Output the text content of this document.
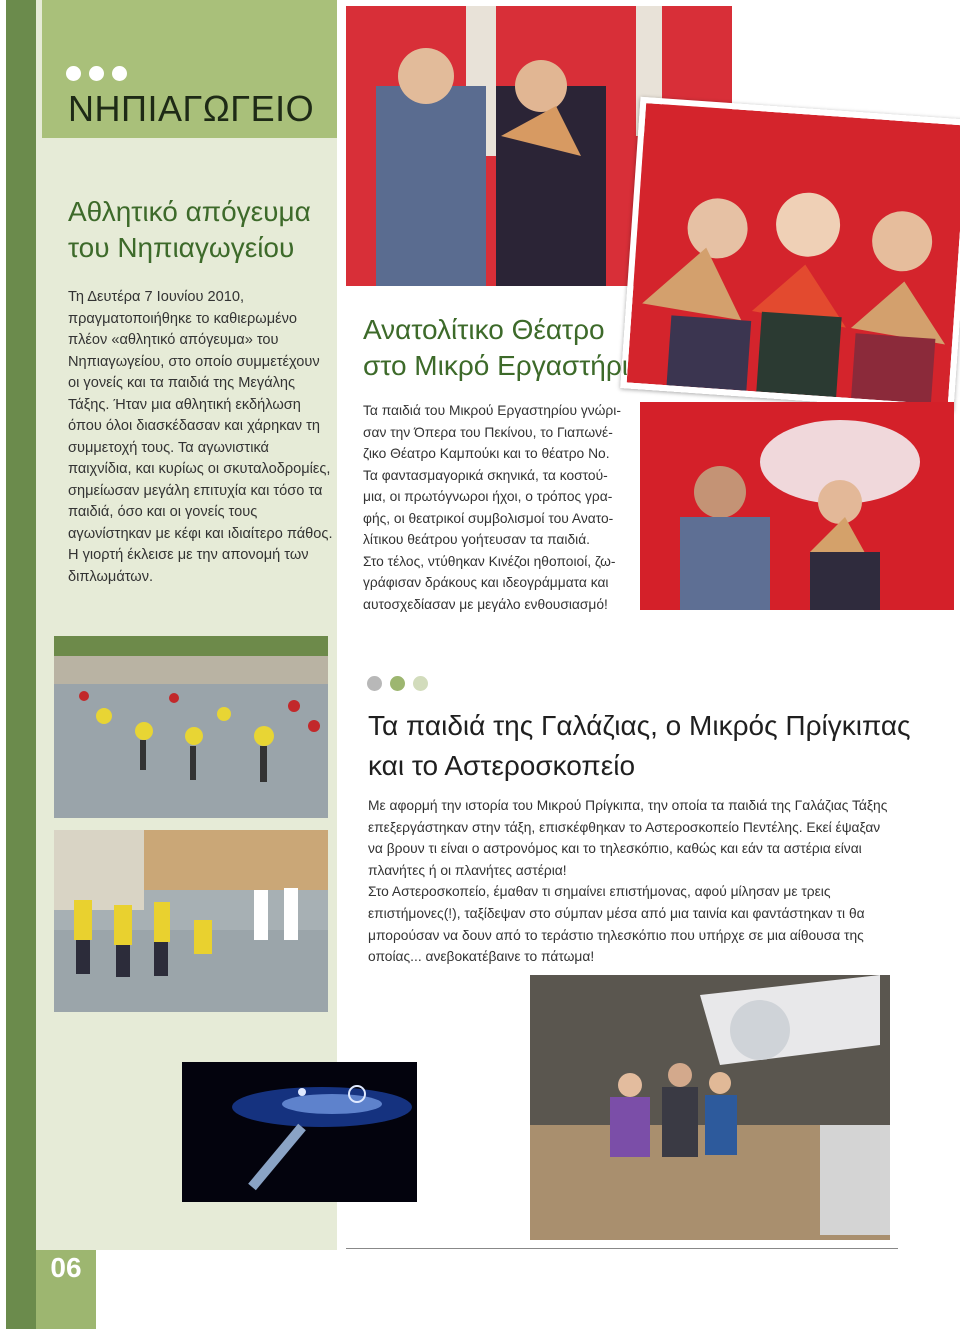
ΝΗΠΙΑΓΩΓΕΙΟ
Αθλητικό απόγευμα
του Νηπιαγωγείου
Τη Δευτέρα 7 Ιουνίου 2010,
πραγματοποιήθηκε το καθιερωμένο
πλέον «αθλητικό απόγευμα» του
Νηπιαγωγείου, στο οποίο συμμετέχουν
οι γονείς και τα παιδιά της Μεγάλης
Τάξης. Ήταν μια αθλητική εκδήλωση
όπου όλοι διασκέδασαν και χάρηκαν τη
συμμετοχή τους. Τα αγωνιστικά
παιχνίδια, και κυρίως οι σκυταλοδρομίες,
σημείωσαν μεγάλη επιτυχία και τόσο τα
παιδιά, όσο και οι γονείς τους
αγωνίστηκαν με κέφι και ιδιαίτερο πάθος.
Η γιορτή έκλεισε με την απονομή των
διπλωμάτων.
Ανατολίτικο Θέατρο
στο Μικρό Εργαστήρι
Τα παιδιά του Μικρού Εργαστηρίου γνώρι-
σαν την Όπερα του Πεκίνου, το Γιαπωνέ-
ζικο Θέατρο Καμπούκι και το θέατρο Νο.
Τα φαντασμαγορικά σκηνικά, τα κοστού-
μια, οι πρωτόγνωροι ήχοι, ο τρόπος γρα-
φής, οι θεατρικοί συμβολισμοί του Ανατο-
λίτικου θεάτρου γοήτευσαν τα παιδιά.
Στο τέλος, ντύθηκαν Κινέζοι ηθοποιοί, ζω-
γράφισαν δράκους και ιδεογράμματα και
αυτοσχεδίασαν με μεγάλο ενθουσιασμό!
Τα παιδιά της Γαλάζιας, ο Μικρός Πρίγκιπας
και το Αστεροσκοπείο
Με αφορμή την ιστορία του Μικρού Πρίγκιπα, την οποία τα παιδιά της Γαλάζιας Τάξης
επεξεργάστηκαν στην τάξη, επισκέφθηκαν το Αστεροσκοπείο Πεντέλης. Εκεί έψαξαν
να βρουν τι είναι ο αστρονόμος και το τηλεσκόπιο, καθώς και εάν τα αστέρια είναι
πλανήτες ή οι πλανήτες αστέρια!
Στο Αστεροσκοπείο, έμαθαν τι σημαίνει επιστήμονας, αφού μίλησαν με τρεις
επιστήμονες(!), ταξίδεψαν στο σύμπαν μέσα από μια ταινία και φαντάστηκαν τι θα
μπορούσαν να δουν από το τεράστιο τηλεσκόπιο που υπήρχε σε μια αίθουσα της
οποίας... ανεβοκατέβαινε το πάτωμα!
06
